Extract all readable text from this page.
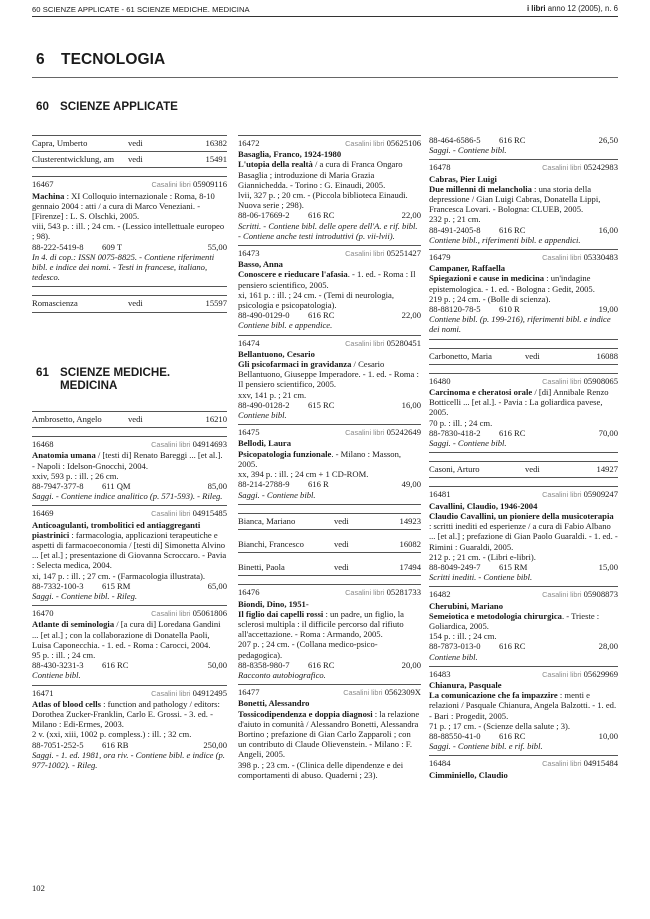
60 SCIENZE APPLICATE - 61 SCIENZE MEDICHE. MEDICINA	i libri anno 12 (2005), n. 6
6 TECNOLOGIA
60 SCIENZE APPLICATE
61 SCIENZE MEDICHE.
MEDICINA
Capra, Umberto	vedi	16382
Clusterentwicklung, am	vedi	15491
16467	Casalini libri 05909116
Machina : XI Colloquio internazionale : Roma, 8-10 gennaio 2004 : atti / a cura di Marco Veneziani. - [Firenze] : L. S. Olschki, 2005.
viii, 543 p. : ill. ; 24 cm. - (Lessico intellettuale europeo ; 98).
88-222-5419-8	609 T	55,00
In 4. di cop.: ISSN 0075-8825. - Contiene riferimenti bibl. e indice dei nomi. - Testi in francese, italiano, tedesco.
Romascienza	vedi	15597
Ambrosetto, Angelo	vedi	16210
16468	Casalini libri 04914693
Anatomia umana / [testi di] Renato Bareggi ... [et al.]. - Napoli : Idelson-Gnocchi, 2004.
xxiv, 593 p. : ill. ; 26 cm.
88-7947-377-8	611 QM	85,00
Saggi. - Contiene indice analitico (p. 571-593). - Rileg.
16469	Casalini libri 04915485
Anticoagulanti, trombolitici ed antiaggreganti piastrinici : farmacologia, applicazioni terapeutiche e aspetti di farmacoeconomia / [testi di] Simonetta Alvino ... [et al.] ; presentazione di Giovanna Scroccaro. - Pavia : Selecta medica, 2004.
xi, 147 p. : ill. ; 27 cm. - (Farmacologia illustrata).
88-7332-100-3	615 RM	65,00
Saggi. - Contiene bibl. - Rileg.
16470	Casalini libri 05061806
Atlante di seminologia / [a cura di] Loredana Gandini ... [et al.] ; con la collaborazione di Donatella Paoli, Luisa Caponecchia. - 1. ed. - Roma : Carocci, 2004.
95 p. : ill. ; 24 cm.
88-430-3231-3	616 RC	50,00
Contiene bibl.
16471	Casalini libri 04912495
Atlas of blood cells : function and pathology / editors: Dorothea Zucker-Franklin, Carlo E. Grossi. - 3. ed. - Milano : Edi-Ermes, 2003.
2 v. (xxi, xiii, 1002 p. compless.) : ill. ; 32 cm.
88-7051-252-5	616 RB	250,00
Saggi. - 1. ed. 1981, ora riv. - Contiene bibl. e indice (p. 977-1002). - Rileg.
16472	Casalini libri 05625106
Basaglia, Franco, 1924-1980
L'utopia della realtà / a cura di Franca Ongaro Basaglia ; introduzione di Maria Grazia Giannichedda. - Torino : G. Einaudi, 2005.
lvii, 327 p. ; 20 cm. - (Piccola biblioteca Einaudi. Nuova serie ; 298).
88-06-17669-2	616 RC	22,00
Scritti. - Contiene bibl. delle opere dell'A. e rif. bibl. - Contiene anche testi introduttivi (p. vii-lvii).
16473	Casalini libri 05251427
Basso, Anna
Conoscere e rieducare l'afasia. - 1. ed. - Roma : Il pensiero scientifico, 2005.
xi, 161 p. : ill. ; 24 cm. - (Temi di neurologia, psicologia e psicopatologia).
88-490-0129-0	616 RC	22,00
Contiene bibl. e appendice.
16474	Casalini libri 05280451
Bellantuono, Cesario
Gli psicofarmaci in gravidanza / Cesario Bellantuono, Giuseppe Imperadore. - 1. ed. - Roma : Il pensiero scientifico, 2005.
xxv, 141 p. ; 21 cm.
88-490-0128-2	615 RC	16,00
Contiene bibl.
16475	Casalini libri 05242649
Bellodi, Laura
Psicopatologia funzionale. - Milano : Masson, 2005.
xx, 394 p. : ill. ; 24 cm + 1 CD-ROM.
88-214-2788-9	616 R	49,00
Saggi. - Contiene bibl.
Bianca, Mariano	vedi	14923
Bianchi, Francesco	vedi	16082
Binetti, Paola	vedi	17494
16476	Casalini libri 05281733
Biondi, Dino, 1951-
Il figlio dai capelli rossi : un padre, un figlio, la sclerosi multipla : il difficile percorso dal rifiuto all'accettazione. - Roma : Armando, 2005.
207 p. ; 24 cm. - (Collana medico-psico-pedagogica).
88-8358-980-7	616 RC	20,00
Racconto autobiografico.
16477	Casalini libri 0562309X
Bonetti, Alessandro
Tossicodipendenza e doppia diagnosi : la relazione d'aiuto in comunità / Alessandro Bonetti, Alessandra Bortino ; prefazione di Gian Carlo Zapparoli ; con un contributo di Claude Olievenstein. - Milano : F. Angeli, 2005.
398 p. ; 23 cm. - (Clinica delle dipendenze e dei comportamenti di abuso. Quaderni ; 23).
88-464-6586-5	616 RC	26,50
Saggi. - Contiene bibl.
16478	Casalini libri 05242983
Cabras, Pier Luigi
Due millenni di melancholia : una storia della depressione / Gian Luigi Cabras, Donatella Lippi, Francesca Lovari. - Bologna: CLUEB, 2005.
232 p. ; 21 cm.
88-491-2405-8	616 RC	16,00
Contiene bibl., riferimenti bibl. e appendici.
16479	Casalini libri 05330483
Campaner, Raffaella
Spiegazioni e cause in medicina : un'indagine epistemologica. - 1. ed. - Bologna : Gedit, 2005.
219 p. ; 24 cm. - (Bolle di scienza).
88-88120-78-5	610 R	19,00
Contiene bibl. (p. 199-216), riferimenti bibl. e indice dei nomi.
Carbonetto, Maria	vedi	16088
16480	Casalini libri 05908065
Carcinoma e cheratosi orale / [di] Annibale Renzo Botticelli ... [et al.]. - Pavia : La goliardica pavese, 2005.
70 p. : ill. ; 24 cm.
88-7830-418-2	616 RC	70,00
Saggi. - Contiene bibl.
Casoni, Arturo	vedi	14927
16481	Casalini libri 05909247
Cavallini, Claudio, 1946-2004
Claudio Cavallini, un pioniere della musicoterapia : scritti inediti ed esperienze / a cura di Fabio Albano ... [et al.] ; prefazione di Gian Paolo Guaraldi. - 1. ed. - Rimini : Guaraldi, 2005.
212 p. ; 21 cm. - (Libri e-libri).
88-8049-249-7	615 RM	15,00
Scritti inediti. - Contiene bibl.
16482	Casalini libri 05908873
Cherubini, Mariano
Semeiotica e metodologia chirurgica. - Trieste : Goliardica, 2005.
154 p. : ill. ; 24 cm.
88-7873-013-0	616 RC	28,00
Contiene bibl.
16483	Casalini libri 05629969
Chianura, Pasquale
La comunicazione che fa impazzire : menti e relazioni / Pasquale Chianura, Angela Balzotti. - 1. ed. - Bari : Progedit, 2005.
71 p. ; 17 cm. - (Scienze della salute ; 3).
88-88550-41-0	616 RC	10,00
Saggi. - Contiene bibl. e rif. bibl.
16484	Casalini libri 04915484
Cimminiello, Claudio
102
